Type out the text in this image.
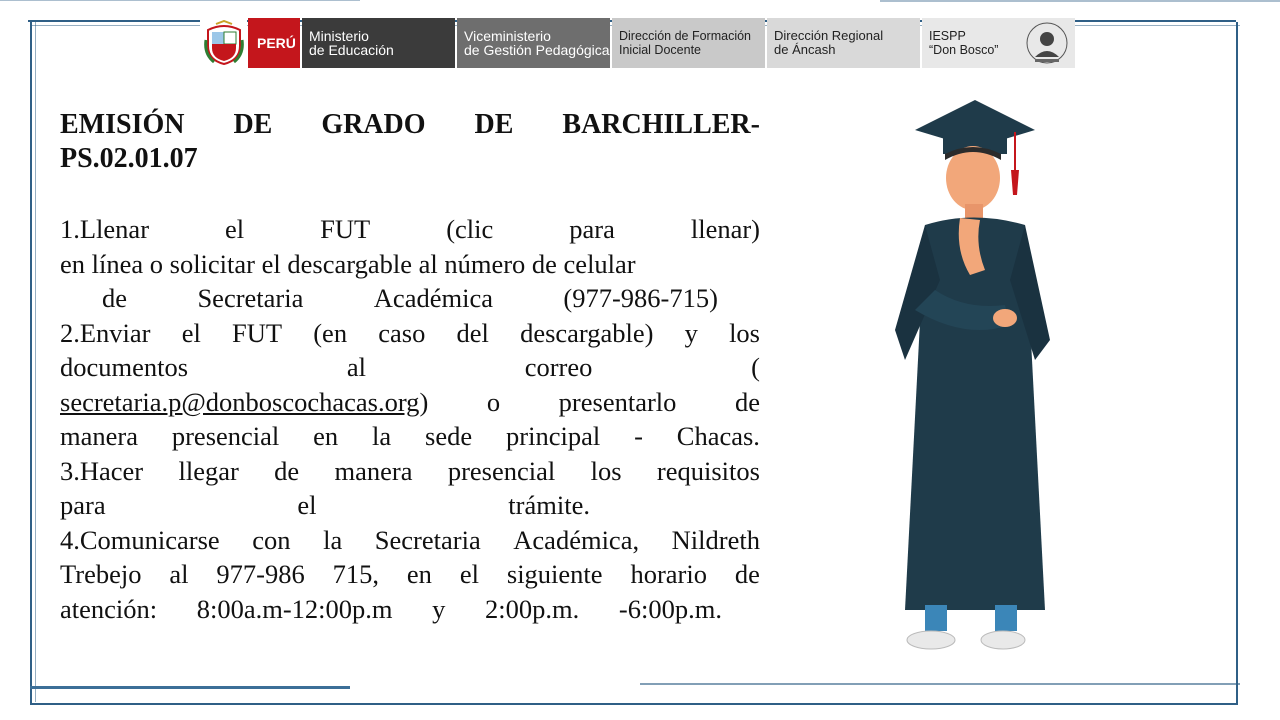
PERÚ Ministerio
de Educación
Viceministerio
de Gestión Pedagógica
Dirección de Formación
Inicial Docente
Dirección Regional
de Áncash
IESPP
“Don Bosco”
EMISIÓN DE GRADO DE BARCHILLER-
PS.02.01.07
1.Llenar	el	FUT	(clic	para	llenar)
en línea o solicitar el descargable al número de celular
de	Secretaria	Académica	(977-986-715)
2.Enviar el FUT (en caso del descargable) y los
documentos	al	correo	(
secretaria.p@donboscochacas.org) o presentarlo de
manera presencial en la sede principal - Chacas.
3.Hacer llegar de manera presencial los requisitos
para	el	trámite.
4.Comunicarse con la Secretaria Académica, Nildreth
Trebejo al 977-986 715, en el siguiente horario de
atención: 8:00a.m-12:00p.m y 2:00p.m. -6:00p.m.
